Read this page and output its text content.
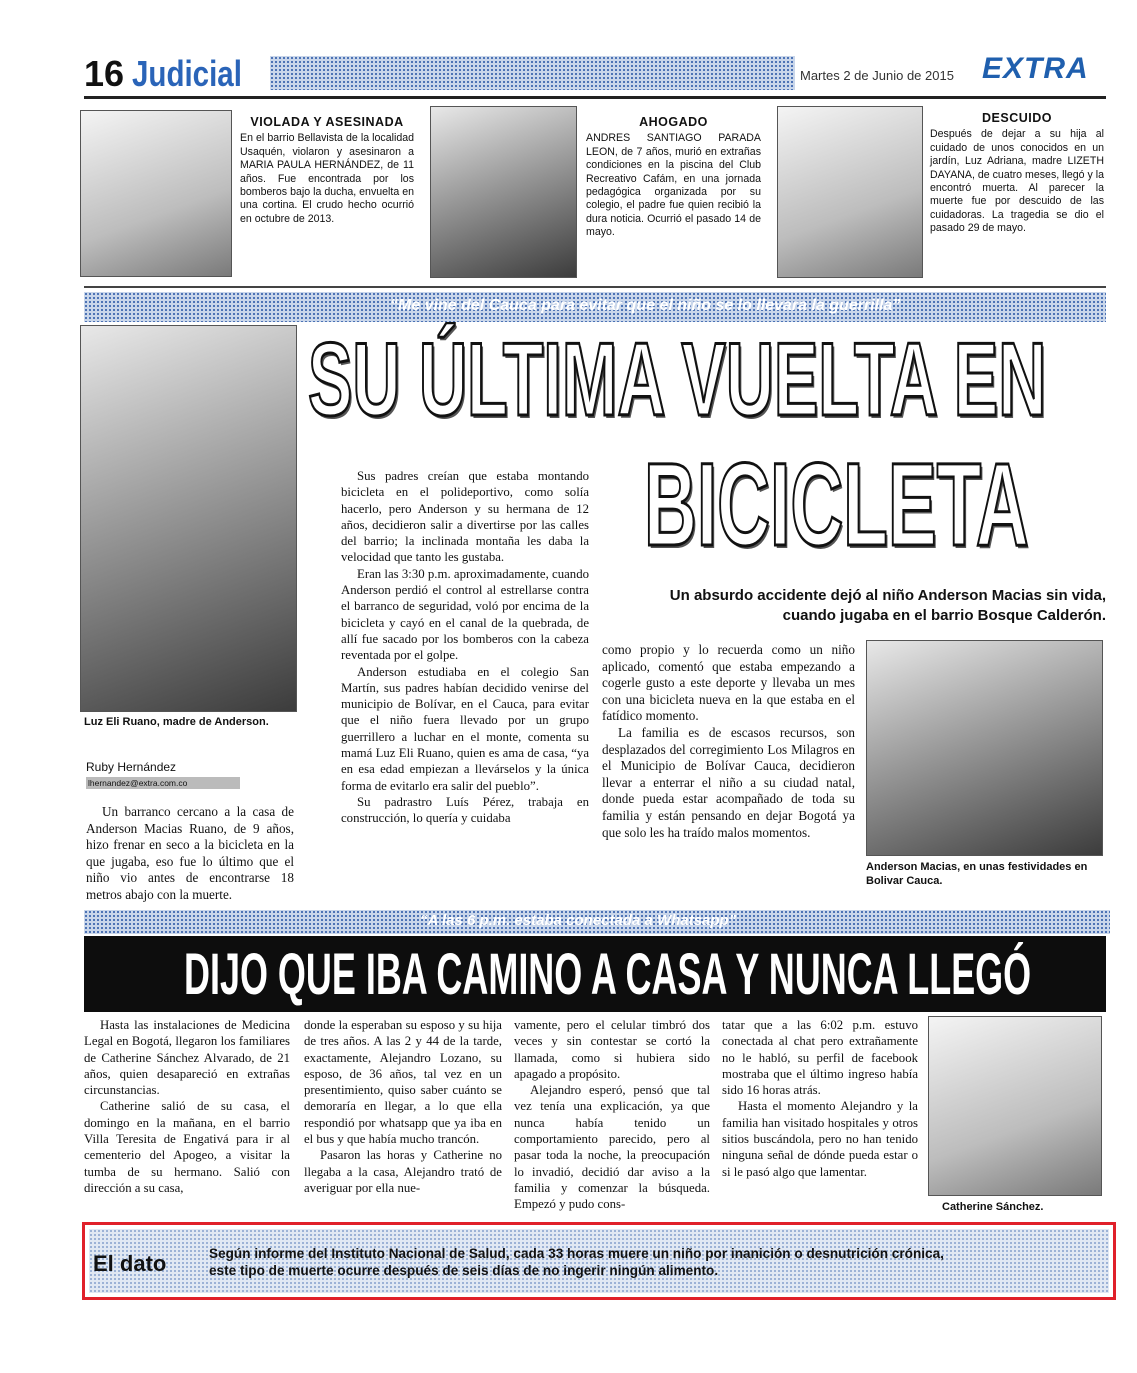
16 Judicial	Martes 2 de Junio de 2015 EXTRA
VIOLADA Y ASESINADA

En el barrio Bellavista de la localidad Usaquén, violaron y asesinaron a MARIA PAULA HERNÁNDEZ, de 11 años. Fue encontrada por los bomberos bajo la ducha, envuelta en una cortina. El crudo hecho ocurrió en octubre de 2013.

AHOGADO

ANDRES SANTIAGO PARADA LEON, de 7 años, murió en extrañas condiciones en la piscina del Club Recreativo Cafám, en una jornada pedagógica organizada por su colegio, el padre fue quien recibió la dura noticia. Ocurrió el pasado 14 de mayo.

DESCUIDO

Después de dejar a su hija al cuidado de unos conocidos en un jardín, Luz Adriana, madre LIZETH DAYANA, de cuatro meses, llegó y la encontró muerta. Al parecer la muerte fue por descuido de las cuidadoras. La tragedia se dio el pasado 29 de mayo.

“Me vine del Cauca para evitar que el niño se lo llevara la guerrilla”
Luz Eli Ruano, madre de Anderson.
SU ÚLTIMA VUELTA EN
BICICLETA
Un absurdo accidente dejó al niño Anderson Macias sin vida,
cuando jugaba en el barrio Bosque Calderón.
Ruby Hernández
lhernandez@extra.com.co

Un barranco cercano a la casa de Anderson Macias Ruano, de 9 años, hizo frenar en seco a la bicicleta en la que jugaba, eso fue lo último que el niño vio antes de encontrarse 18 metros abajo con la muerte.

Sus padres creían que estaba montando bicicleta en el polideportivo, como solía hacerlo, pero Anderson y su hermana de 12 años, decidieron salir a divertirse por las calles del barrio; la inclinada montaña les daba la velocidad que tanto les gustaba.

Eran las 3:30 p.m. aproximadamente, cuando Anderson perdió el control al estrellarse contra el barranco de seguridad, voló por encima de la bicicleta y cayó en el canal de la quebrada, de allí fue sacado por los bomberos con la cabeza reventada por el golpe.

Anderson estudiaba en el colegio San Martín, sus padres habían decidido venirse del municipio de Bolívar, en el Cauca, para evitar que el niño fuera llevado por un grupo guerrillero a luchar en el monte, comenta su mamá Luz Eli Ruano, quien es ama de casa, “ya en esa edad empiezan a llevárselos y la única forma de evitarlo era salir del pueblo”.

Su padrastro Luís Pérez, trabaja en construcción, lo quería y cuidaba

como propio y lo recuerda como un niño aplicado, comentó que estaba empezando a cogerle gusto a este deporte y llevaba un mes con una bicicleta nueva en la que estaba en el fatídico momento.

La familia es de escasos recursos, son desplazados del corregimiento Los Milagros en el Municipio de Bolívar Cauca, decidieron llevar a enterrar el niño a su ciudad natal, donde pueda estar acompañado de toda su familia y están pensando en dejar Bogotá ya que solo les ha traído malos momentos.

Anderson Macias, en unas festividades en Bolivar Cauca.
“A las 6 p.m. estaba conectada a Whatsapp”
DIJO QUE IBA CAMINO A CASA Y NUNCA LLEGÓ

Hasta las instalaciones de Medicina Legal en Bogotá, llegaron los familiares de Catherine Sánchez Alvarado, de 21 años, quien desapareció en extrañas circunstancias.

Catherine salió de su casa, el domingo en la mañana, en el barrio Villa Teresita de Engativá para ir al cementerio del Apogeo, a visitar la tumba de su hermano. Salió con dirección a su casa,

donde la esperaban su esposo y su hija de tres años. A las 2 y 44 de la tarde, exactamente, Alejandro Lozano, su esposo, de 36 años, tal vez en un presentimiento, quiso saber cuánto se demoraría en llegar, a lo que ella respondió por whatsapp que ya iba en el bus y que había mucho trancón.

Pasaron las horas y Catherine no llegaba a la casa, Alejandro trató de averiguar por ella nue-

vamente, pero el celular timbró dos veces y sin contestar se cortó la llamada, como si hubiera sido apagado a propósito.

Alejandro esperó, pensó que tal vez tenía una explicación, ya que nunca había tenido un comportamiento parecido, pero al pasar toda la noche, la preocupación lo invadió, decidió dar aviso a la familia y comenzar la búsqueda. Empezó y pudo cons-

tatar que a las 6:02 p.m. estuvo conectada al chat pero extrañamente no le habló, su perfil de facebook mostraba que el último ingreso había sido 16 horas atrás.

Hasta el momento Alejandro y la familia han visitado hospitales y otros sitios buscándola, pero no han tenido ninguna señal de dónde pueda estar o si le pasó algo que lamentar.

Catherine Sánchez.
El dato	Según informe del Instituto Nacional de Salud, cada 33 horas muere un niño por inanición o desnutrición crónica,
este tipo de muerte ocurre después de seis días de no ingerir ningún alimento.
